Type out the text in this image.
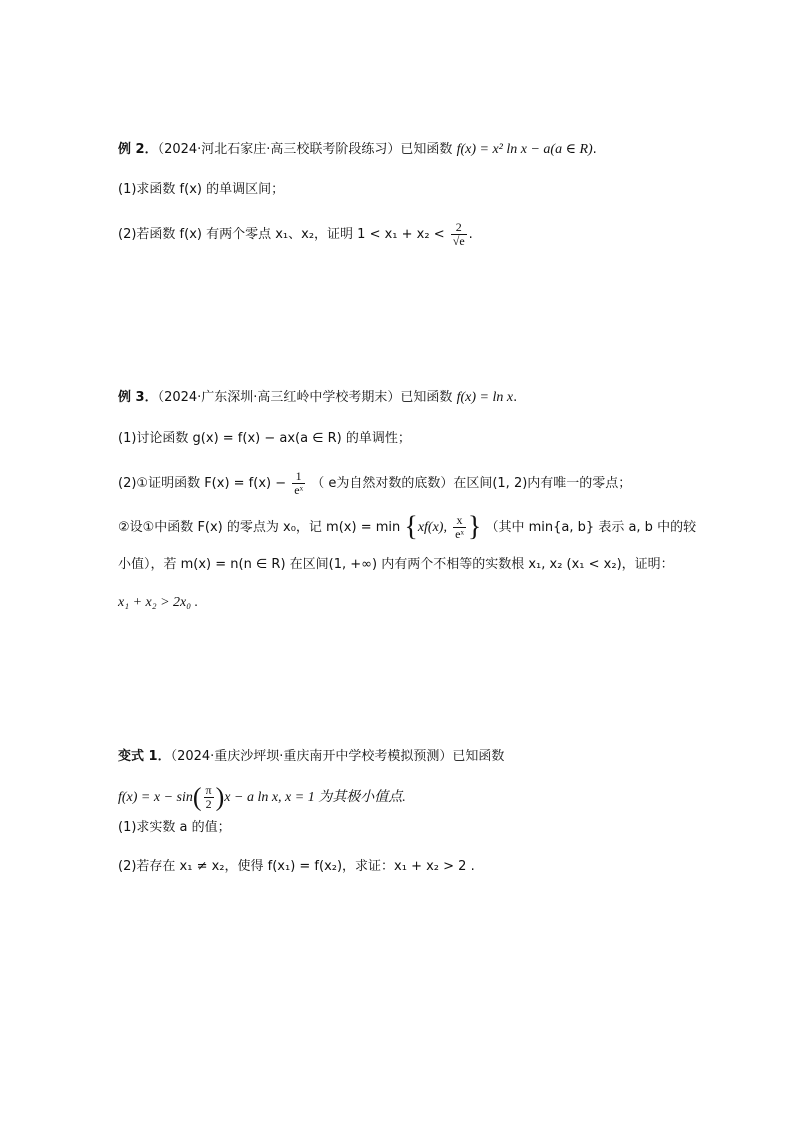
例 2．（2024·河北石家庄·高三校联考阶段练习）已知函数 f(x) = x² ln x − a(a ∈ R).
(1)求函数 f(x) 的单调区间；
(2)若函数 f(x) 有两个零点 x₁、x₂，证明 $1 < x_1 + x_2 < \frac{2}{√e}$ .
例 3．（2024·广东深圳·高三红岭中学校考期末）已知函数 f(x) = ln x.
(1)讨论函数 g(x) = f(x) − ax(a ∈ R) 的单调性；
(2)①证明函数 $F(x) = f(x) - \frac{1}{\text{eˣ}}$ （ e为自然对数的底数）在区间(1, 2)内有唯一的零点；
②设①中函数 F(x) 的零点为 x₀，记 m(x) = min {xf(x), $\frac{x}{\text{eˣ}}$ } （其中 min{a, b} 表示 a, b 中的较
小值），若 m(x) = n(n ∈ R) 在区间(1, +∞) 内有两个不相等的实数根 x₁, x₂ (x₁ < x₂)，证明：
x₁ + x₂ > 2x₀ .
变式 1．（2024·重庆沙坪坝·重庆南开中学校考模拟预测）已知函数
$f(x) = x - \sin( \frac{\pi}{2} )x - a$ ln x, x = 1 为其极小值点.
(1)求实数 a 的值；
(2)若存在 x₁ ≠ x₂，使得 f(x₁) = f(x₂)，求证：x₁ + x₂ > 2 .
